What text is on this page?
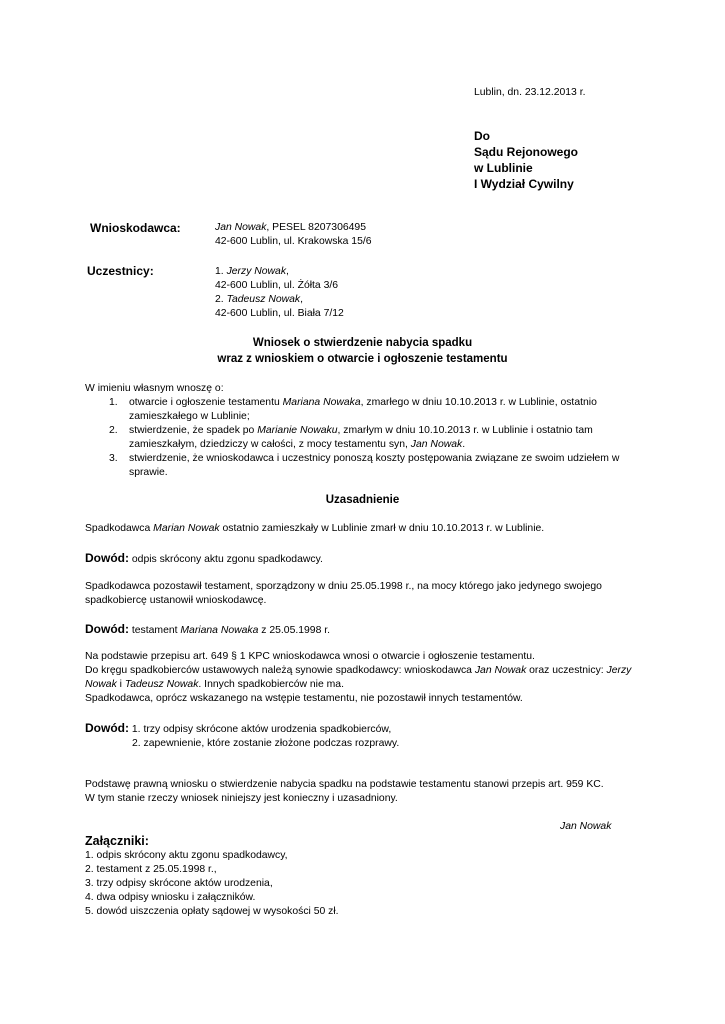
Lublin, dn. 23.12.2013 r.
Do
Sądu Rejonowego
w Lublinie
I Wydział Cywilny
Wnioskodawca:	Jan Nowak, PESEL 8207306495
42-600 Lublin, ul. Krakowska 15/6
Uczestnicy:	1. Jerzy Nowak,
42-600 Lublin, ul. Żółta 3/6
2. Tadeusz Nowak,
42-600 Lublin, ul. Biała 7/12
Wniosek o stwierdzenie nabycia spadku
wraz z wnioskiem o otwarcie i ogłoszenie testamentu
W imieniu własnym wnoszę o:
1. otwarcie i ogłoszenie testamentu Mariana Nowaka, zmarłego w dniu 10.10.2013 r. w Lublinie, ostatnio
zamieszkałego w Lublinie;
2. stwierdzenie, że spadek po Marianie Nowaku, zmarłym w dniu 10.10.2013 r. w Lublinie i ostatnio tam
zamieszkałym, dziedziczy w całości, z mocy testamentu syn, Jan Nowak.
3. stwierdzenie, że wnioskodawca i uczestnicy ponoszą koszty postępowania związane ze swoim udziełem w
sprawie.
Uzasadnienie
Spadkodawca Marian Nowak ostatnio zamieszkały w Lublinie zmarł w dniu 10.10.2013 r. w Lublinie.
Dowód: odpis skrócony aktu zgonu spadkodawcy.
Spadkodawca pozostawił testament, sporządzony w dniu 25.05.1998 r., na mocy którego jako jedynego swojego
spadkobiercę ustanowił wnioskodawcę.
Dowód: testament Mariana Nowaka z 25.05.1998 r.
Na podstawie przepisu art. 649 § 1 KPC wnioskodawca wnosi o otwarcie i ogłoszenie testamentu.
Do kręgu spadkobierców ustawowych należą synowie spadkodawcy: wnioskodawca Jan Nowak oraz uczestnicy: Jerzy
Nowak i Tadeusz Nowak. Innych spadkobierców nie ma.
Spadkodawca, oprócz wskazanego na wstępie testamentu, nie pozostawił innych testamentów.
Dowód: 1. trzy odpisy skrócone aktów urodzenia spadkobierców,
2. zapewnienie, które zostanie złożone podczas rozprawy.
Podstawę prawną wniosku o stwierdzenie nabycia spadku na podstawie testamentu stanowi przepis art. 959 KC.
W tym stanie rzeczy wniosek niniejszy jest konieczny i uzasadniony.
Jan Nowak
Załączniki:
1. odpis skrócony aktu zgonu spadkodawcy,
2. testament z 25.05.1998 r.,
3. trzy odpisy skrócone aktów urodzenia,
4. dwa odpisy wniosku i załączników.
5. dowód uiszczenia opłaty sądowej w wysokości 50 zł.
